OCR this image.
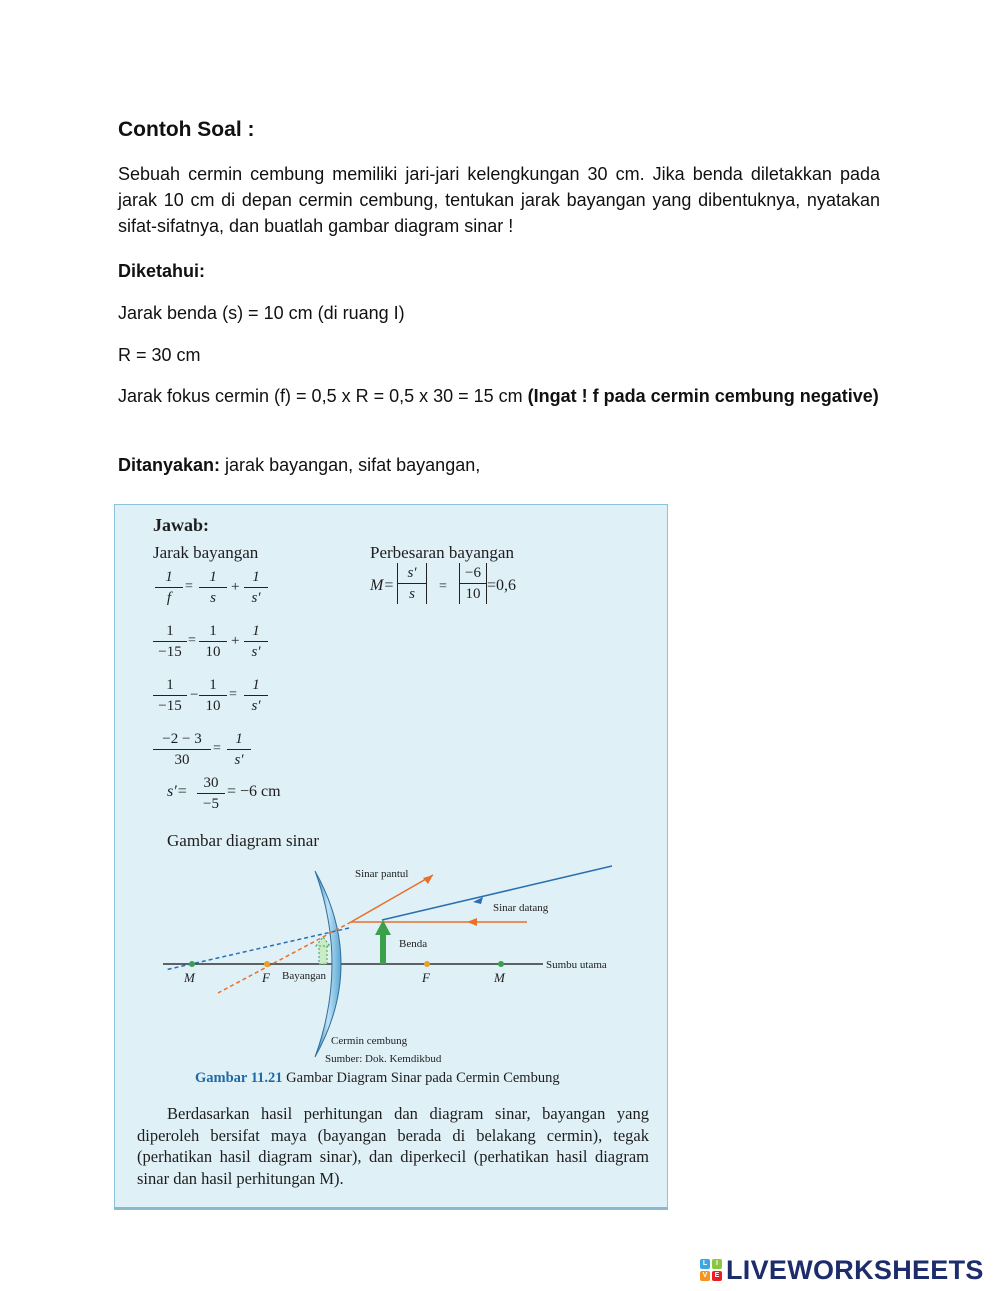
Contoh Soal :
Sebuah cermin cembung memiliki jari-jari kelengkungan 30 cm. Jika benda diletakkan pada jarak 10 cm di depan cermin cembung, tentukan jarak bayangan yang dibentuknya, nyatakan sifat-sifatnya, dan buatlah gambar diagram sinar !
Diketahui:
Jarak benda (s) = 10 cm (di ruang I)
R = 30 cm
Jarak fokus cermin (f) = 0,5 x R = 0,5 x 30 = 15 cm (Ingat ! f pada cermin cembung negative)
Ditanyakan: jarak bayangan, sifat bayangan,
Jawab:
Jarak bayangan	Perbesaran bayangan
$\frac{1}{f} = \frac{1}{s} + \frac{1}{s'}$
$\frac{1}{-15} = \frac{1}{10} + \frac{1}{s'}$
$\frac{1}{-15} - \frac{1}{10} = \frac{1}{s'}$
$\frac{-2 - 3}{30} = \frac{1}{s'}$
$s'= \frac{30}{-5} = -6$ cm
$M= \frac{s'}{s} = \frac{-6}{10} =0,6$
Gambar diagram sinar
Sinar pantul
Sinar datang
Benda
Bayangan
Sumbu utama
M	F	F	M
Cermin cembung
Sumber: Dok. Kemdikbud
Gambar 11.21 Gambar Diagram Sinar pada Cermin Cembung
Berdasarkan hasil perhitungan dan diagram sinar, bayangan yang diperoleh bersifat maya (bayangan berada di belakang cermin), tegak (perhatikan hasil diagram sinar), dan diperkecil (perhatikan hasil diagram sinar dan hasil perhitungan M).
L	I
V	E LIVEWORKSHEETS
